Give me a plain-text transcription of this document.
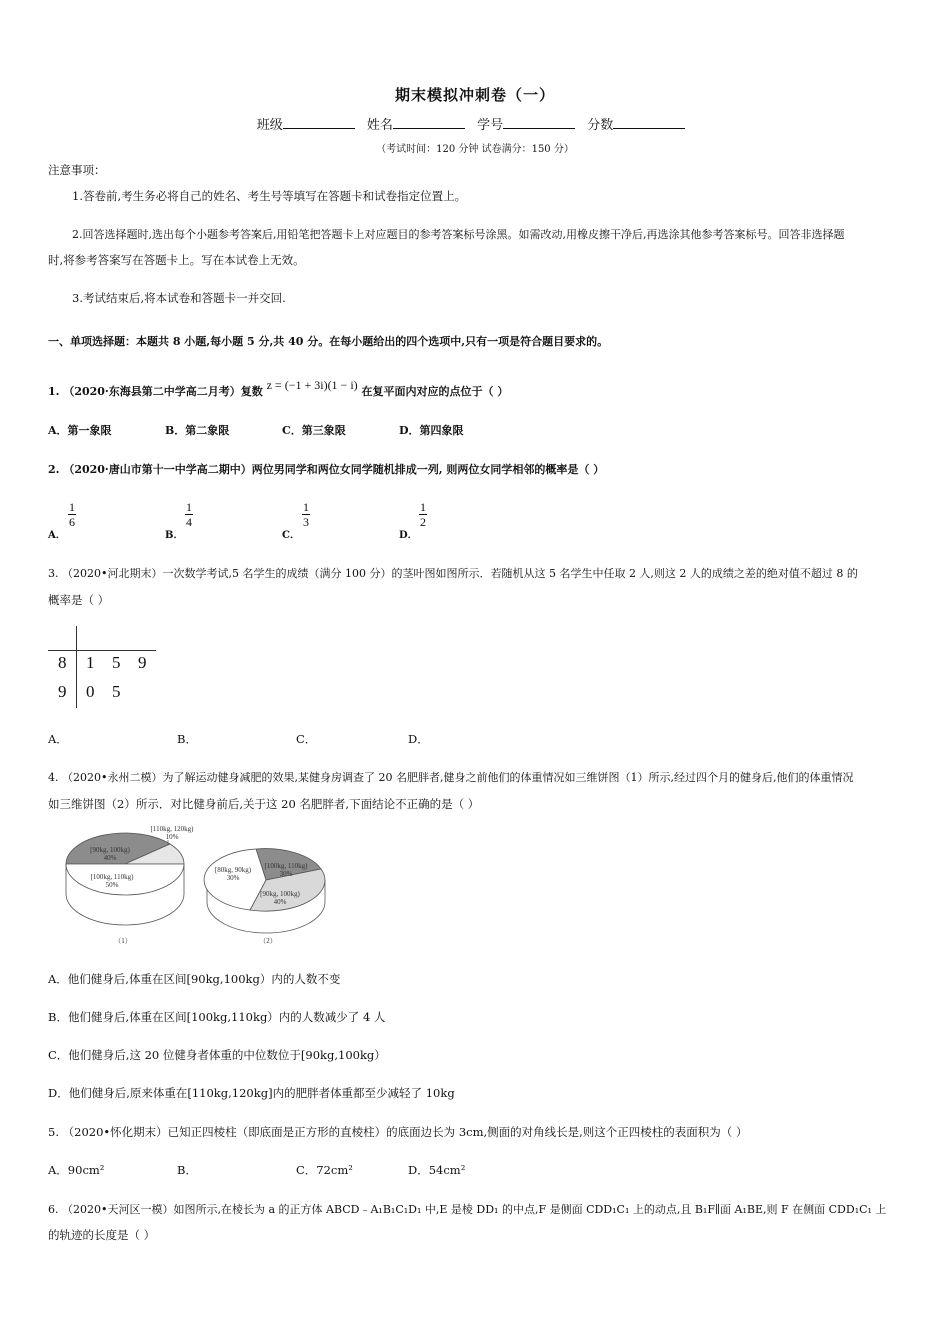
期末模拟冲刺卷（一）
班级	姓名	学号	分数
（考试时间：120 分钟 试卷满分：150 分）
注意事项：
1.答卷前,考生务必将自己的姓名、考生号等填写在答题卡和试卷指定位置上。
2.回答选择题时,选出每个小题参考答案后,用铅笔把答题卡上对应题目的参考答案标号涂黑。如需改动,用橡皮擦干净后,再选涂其他参考答案标号。回答非选择题
时,将参考答案写在答题卡上。写在本试卷上无效。
3.考试结束后,将本试卷和答题卡一并交回.
一、单项选择题：本题共 8 小题,每小题 5 分,共 40 分。在每小题给出的四个选项中,只有一项是符合题目要求的。
1. （2020·东海县第二中学高二月考）复数 z = (−1 + 3i)(1 − i) 在复平面内对应的点位于（ ）
A．第一象限	B．第二象限	C．第三象限	D．第四象限
2. （2020·唐山市第十一中学高二期中）两位男同学和两位女同学随机排成一列, 则两位女同学相邻的概率是（ ）
A．
$\frac{1}{6}$
B．
$\frac{1}{4}$
C．
$\frac{1}{3}$
D．
$\frac{1}{2}$
3. （2020•河北期末）一次数学考试,5 名学生的成绩（满分 100 分）的茎叶图如图所示．若随机从这 5 名学生中任取 2 人,则这 2 人的成绩之差的绝对值不超过 8 的
概率是（ ）
8 1 5 9
9 0 5
A．	B．	C．	D．
4. （2020•永州二模）为了解运动健身减肥的效果,某健身房调查了 20 名肥胖者,健身之前他们的体重情况如三维饼图（1）所示,经过四个月的健身后,他们的体重情况
如三维饼图（2）所示．对比健身前后,关于这 20 名肥胖者,下面结论不正确的是（ ）
[110kg, 120kg)
10%
[90kg, 100kg)
40%
[100kg, 110kg)
50%
（1）
[80kg, 90kg)
30%
[100kg, 110kg)
30%
[90kg, 100kg)
40%
（2）
A．他们健身后,体重在区间[90kg,100kg）内的人数不变
B．他们健身后,体重在区间[100kg,110kg）内的人数减少了 4 人
C．他们健身后,这 20 位健身者体重的中位数位于[90kg,100kg）
D．他们健身后,原来体重在[110kg,120kg]内的肥胖者体重都至少减轻了 10kg
5. （2020•怀化期末）已知正四棱柱（即底面是正方形的直棱柱）的底面边长为 3cm,侧面的对角线长是,则这个正四棱柱的表面积为（ ）
A．90cm²	B．	C．72cm²	D．54cm²
6. （2020•天河区一模）如图所示,在棱长为 a 的正方体 ABCD﹣A₁B₁C₁D₁ 中,E 是棱 DD₁ 的中点,F 是侧面 CDD₁C₁ 上的动点,且 B₁F∥面 A₁BE,则 F 在侧面 CDD₁C₁ 上
的轨迹的长度是（ ）
